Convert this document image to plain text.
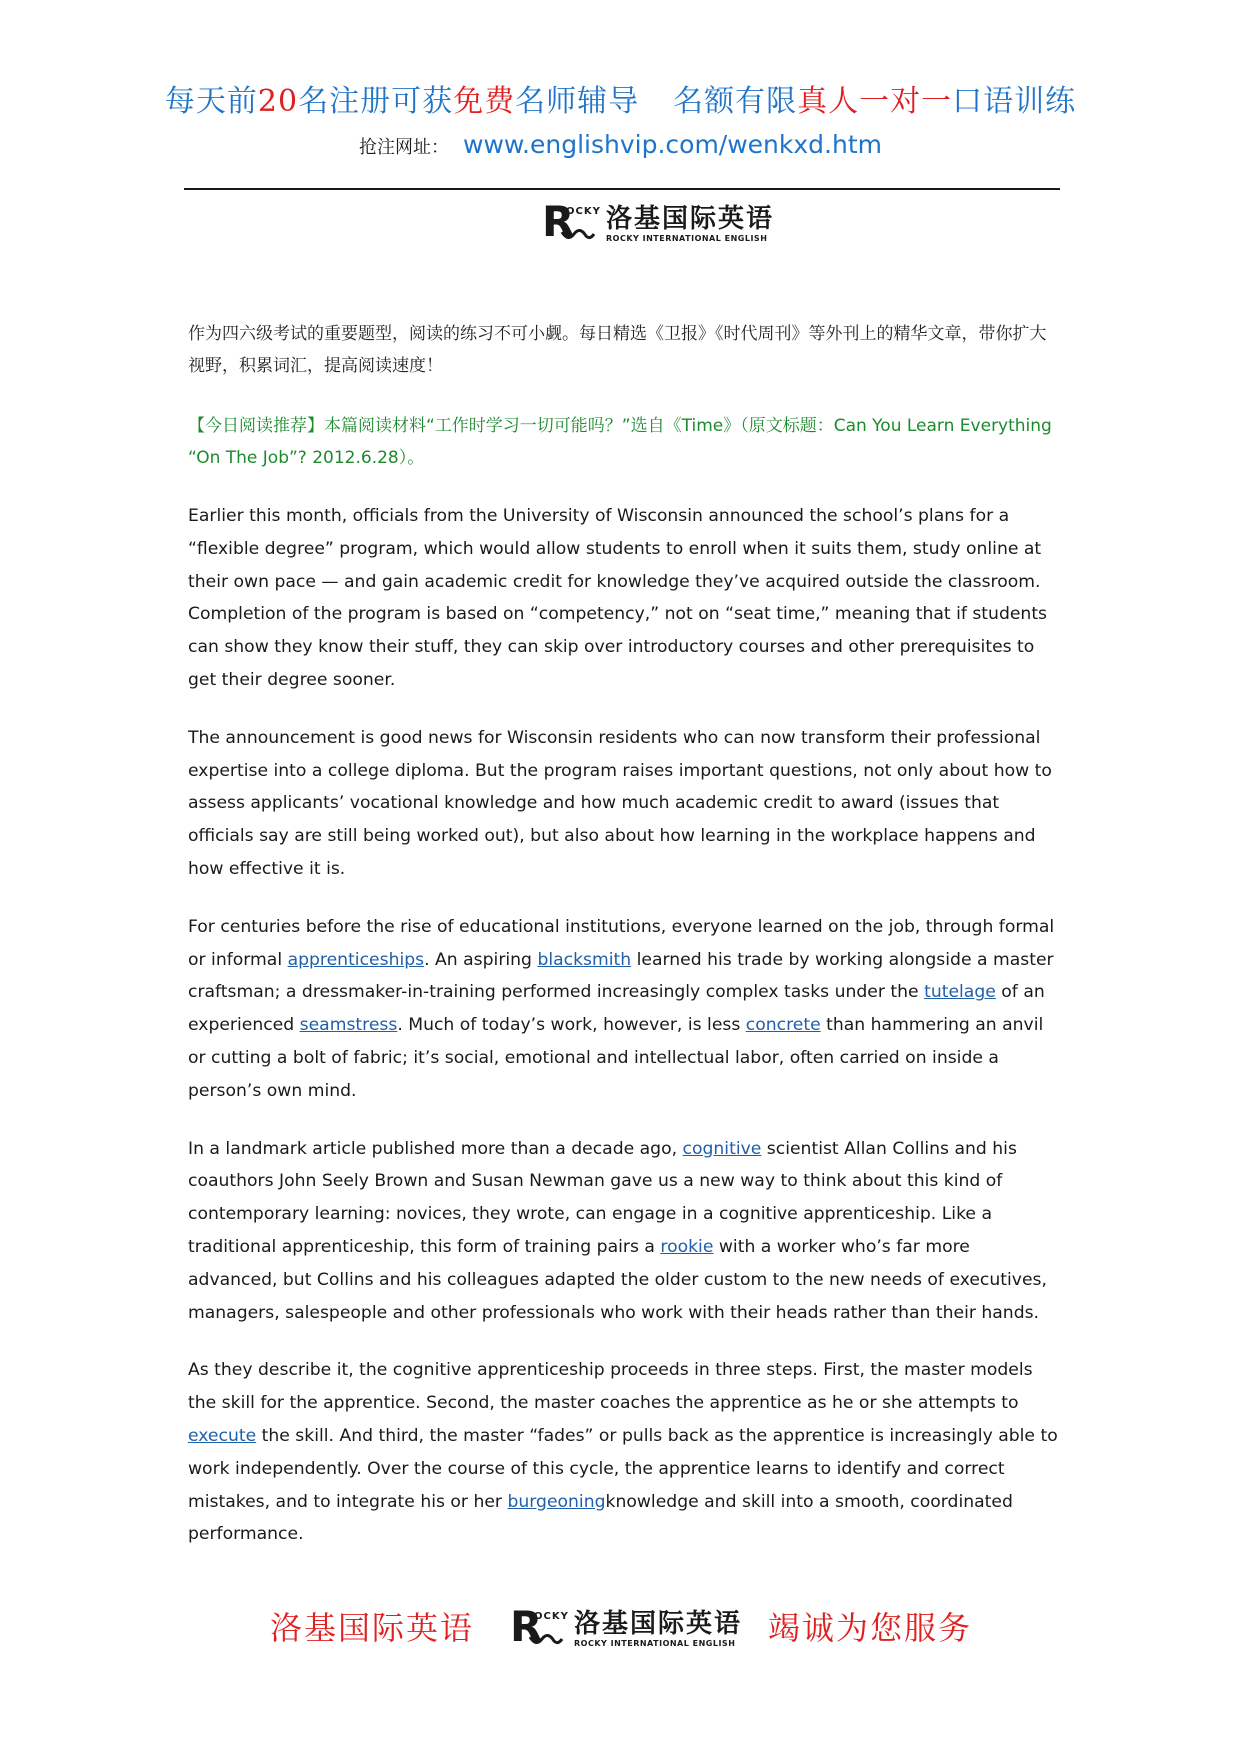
每天前20名注册可获免费名师辅导 名额有限真人一对一口语训练
抢注网址： www.englishvip.com/wenkxd.htm
R
OCKY 洛基国际英语
ROCKY INTERNATIONAL ENGLISH

作为四六级考试的重要题型，阅读的练习不可小觑。每日精选《卫报》《时代周刊》等外刊上的精华文章，带你扩大视野，积累词汇，提高阅读速度！

【今日阅读推荐】本篇阅读材料“工作时学习一切可能吗？”选自《Time》（原文标题：Can You Learn Everything “On The Job”? 2012.6.28）。

Earlier this month, officials from the University of Wisconsin announced the school’s plans for a “flexible degree” program, which would allow students to enroll when it suits them, study online at their own pace — and gain academic credit for knowledge they’ve acquired outside the classroom. Completion of the program is based on “competency,” not on “seat time,” meaning that if students can show they know their stuff, they can skip over introductory courses and other prerequisites to get their degree sooner.

The announcement is good news for Wisconsin residents who can now transform their professional expertise into a college diploma. But the program raises important questions, not only about how to assess applicants’ vocational knowledge and how much academic credit to award (issues that officials say are still being worked out), but also about how learning in the workplace happens and how effective it is.

For centuries before the rise of educational institutions, everyone learned on the job, through formal or informal apprenticeships. An aspiring blacksmith learned his trade by working alongside a master craftsman; a dressmaker-in-training performed increasingly complex tasks under the tutelage of an experienced seamstress. Much of today’s work, however, is less concrete than hammering an anvil or cutting a bolt of fabric; it’s social, emotional and intellectual labor, often carried on inside a person’s own mind.

In a landmark article published more than a decade ago, cognitive scientist Allan Collins and his coauthors John Seely Brown and Susan Newman gave us a new way to think about this kind of contemporary learning: novices, they wrote, can engage in a cognitive apprenticeship. Like a traditional apprenticeship, this form of training pairs a rookie with a worker who’s far more advanced, but Collins and his colleagues adapted the older custom to the new needs of executives, managers, salespeople and other professionals who work with their heads rather than their hands.

As they describe it, the cognitive apprenticeship proceeds in three steps. First, the master models the skill for the apprentice. Second, the master coaches the apprentice as he or she attempts to execute the skill. And third, the master “fades” or pulls back as the apprentice is increasingly able to work independently. Over the course of this cycle, the apprentice learns to identify and correct mistakes, and to integrate his or her burgeoningknowledge and skill into a smooth, coordinated performance.

洛基国际英语 R
OCKY 洛基国际英语
ROCKY INTERNATIONAL ENGLISH 竭诚为您服务
